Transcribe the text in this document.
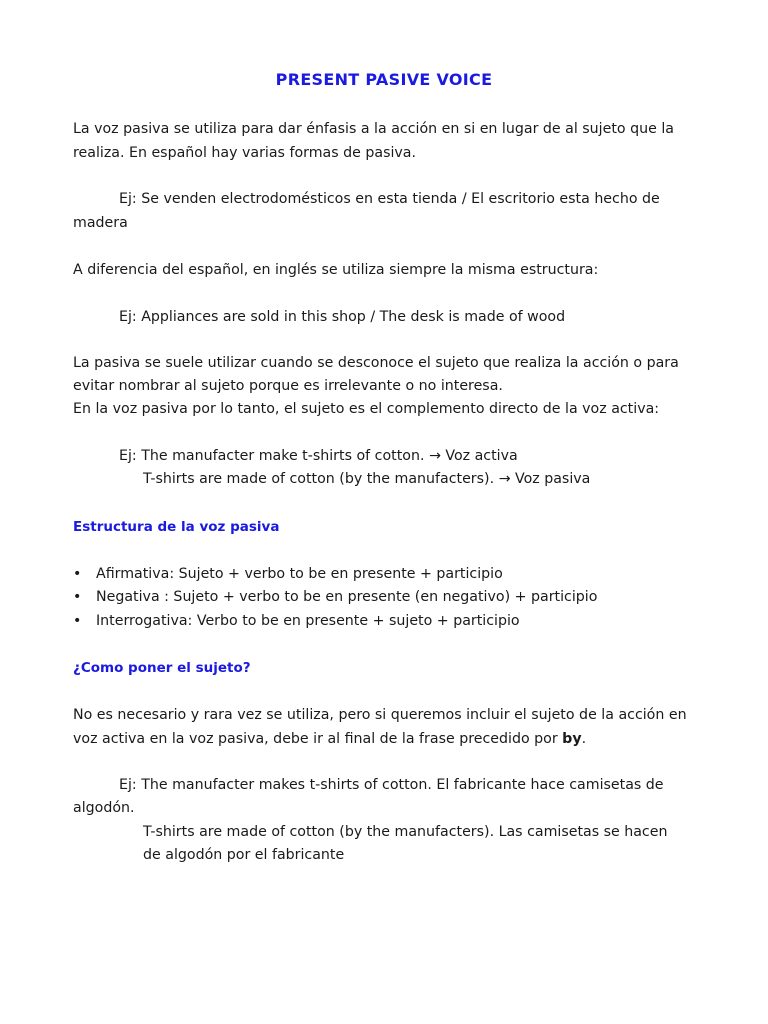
PRESENT PASIVE VOICE
La voz pasiva se utiliza para dar énfasis a la acción en si en lugar de al sujeto que la
realiza. En español hay varias formas de pasiva.
Ej: Se venden electrodomésticos en esta tienda / El escritorio esta hecho de
madera
A diferencia del español, en inglés se utiliza siempre la misma estructura:
Ej: Appliances are sold in this shop / The desk is made of wood
La pasiva se suele utilizar cuando se desconoce el sujeto que realiza la acción o para
evitar nombrar al sujeto porque es irrelevante o no interesa.
En la voz pasiva por lo tanto, el sujeto es el complemento directo de la voz activa:
Ej: The manufacter make t-shirts of cotton. → Voz activa
T-shirts are made of cotton (by the manufacters). → Voz pasiva
Estructura de la voz pasiva
• Afirmativa: Sujeto + verbo to be en presente + participio
• Negativa : Sujeto + verbo to be en presente (en negativo) + participio
• Interrogativa: Verbo to be en presente + sujeto + participio
¿Como poner el sujeto?
No es necesario y rara vez se utiliza, pero si queremos incluir el sujeto de la acción en
voz activa en la voz pasiva, debe ir al final de la frase precedido por by.
Ej: The manufacter makes t-shirts of cotton. El fabricante hace camisetas de
algodón.
T-shirts are made of cotton (by the manufacters). Las camisetas se hacen
de algodón por el fabricante
